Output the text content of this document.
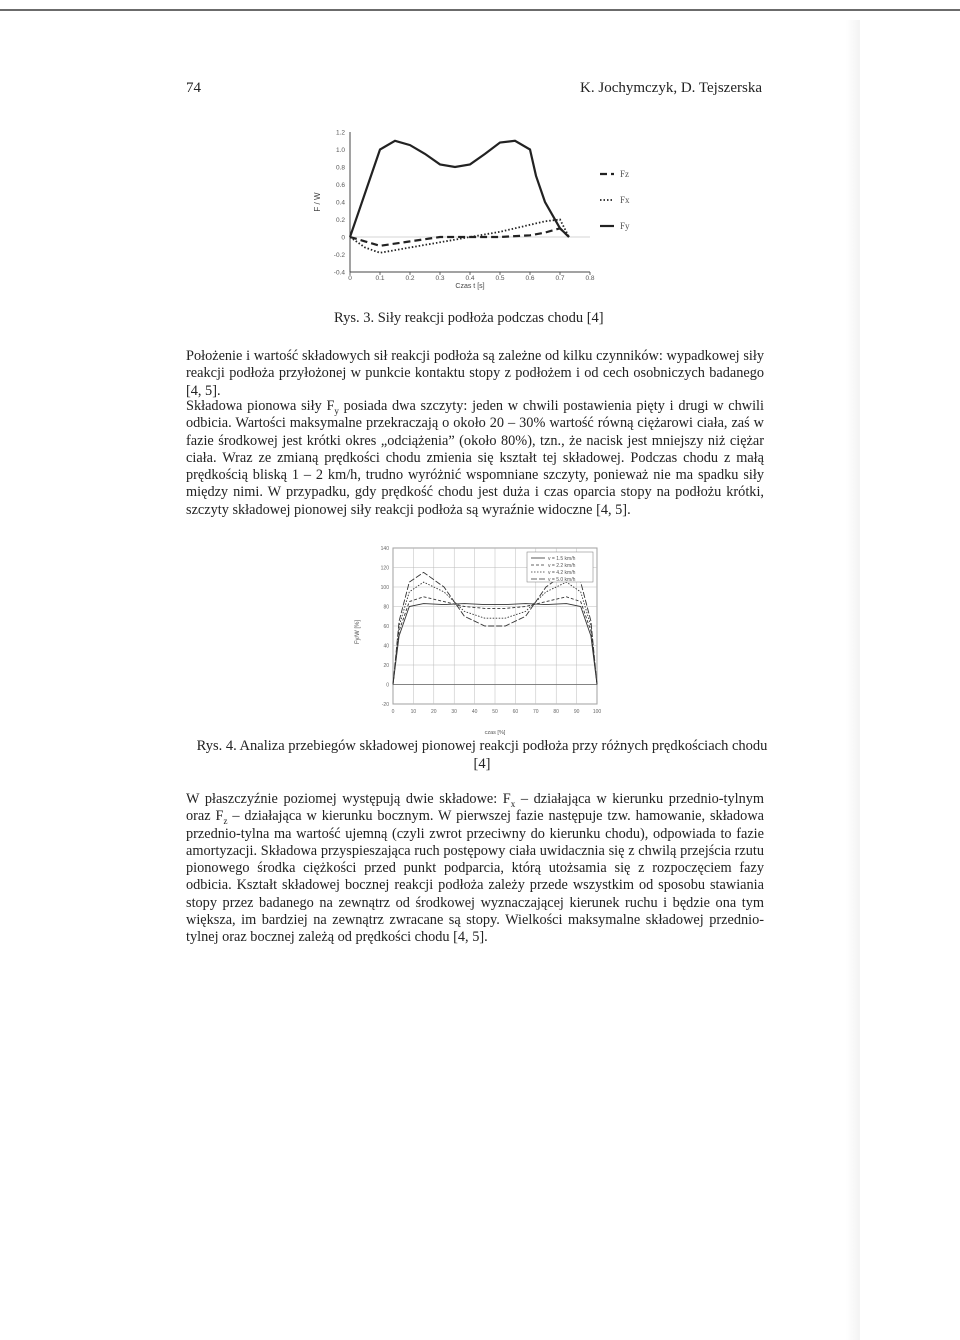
74	K. Jochymczyk, D. Tejszerska
1.2
1.0
0.8
0.6
0.4
0.2
0
-0.2
-0.4
0	0.1	0.2	0.3	0.4	0.5	0.6	0.7	0.8
Czas t [s]
F / W
Fz
Fx
Fy
Rys. 3. Siły reakcji podłoża podczas chodu [4]

Położenie i wartość składowych sił reakcji podłoża są zależne od kilku czynników: wypadkowej siły reakcji podłoża przyłożonej w punkcie kontaktu stopy z podłożem i od cech osobniczych badanego [4, 5].

Składowa pionowa siły $F_y$ posiada dwa szczyty: jeden w chwili postawienia pięty i drugi w chwili odbicia. Wartości maksymalne przekraczają o około 20 – 30% wartość równą ciężarowi ciała, zaś w fazie środkowej jest krótki okres „odciążenia” (około 80%), tzn., że nacisk jest mniejszy niż ciężar ciała. Wraz ze zmianą prędkości chodu zmienia się kształt tej składowej. Podczas chodu z małą prędkością bliską 1 – 2 km/h, trudno wyróżnić wspomniane szczyty, ponieważ nie ma spadku siły między nimi. W przypadku, gdy prędkość chodu jest duża i czas oparcia stopy na podłożu krótki, szczyty składowej pionowej siły reakcji podłoża są wyraźnie widoczne [4, 5].

0	10	20	30	40	50	60	70	80	90	100
140
120
100
80
60
40
20
0
-20
czas [%]
Fy/W [%]
v = 1.5 km/h
v = 2.2 km/h
v = 4.2 km/h
v = 5.0 km/h
Rys. 4. Analiza przebiegów składowej pionowej reakcji podłoża przy różnych prędkościach chodu [4]

W płaszczyźnie poziomej występują dwie składowe: $F_x$ – działająca w kierunku przednio-tylnym oraz $F_z$ – działająca w kierunku bocznym. W pierwszej fazie następuje tzw. hamowanie, składowa przednio-tylna ma wartość ujemną (czyli zwrot przeciwny do kierunku chodu), odpowiada to fazie amortyzacji. Składowa przyspieszająca ruch postępowy ciała uwidacznia się z chwilą przejścia rzutu pionowego środka ciężkości przed punkt podparcia, którą utożsamia się z rozpoczęciem fazy odbicia. Kształt składowej bocznej reakcji podłoża zależy przede wszystkim od sposobu stawiania stopy przez badanego na zewnątrz od środkowej wyznaczającej kierunek ruchu i będzie ona tym większa, im bardziej na zewnątrz zwracane są stopy. Wielkości maksymalne składowej przednio-tylnej oraz bocznej zależą od prędkości chodu [4, 5].
